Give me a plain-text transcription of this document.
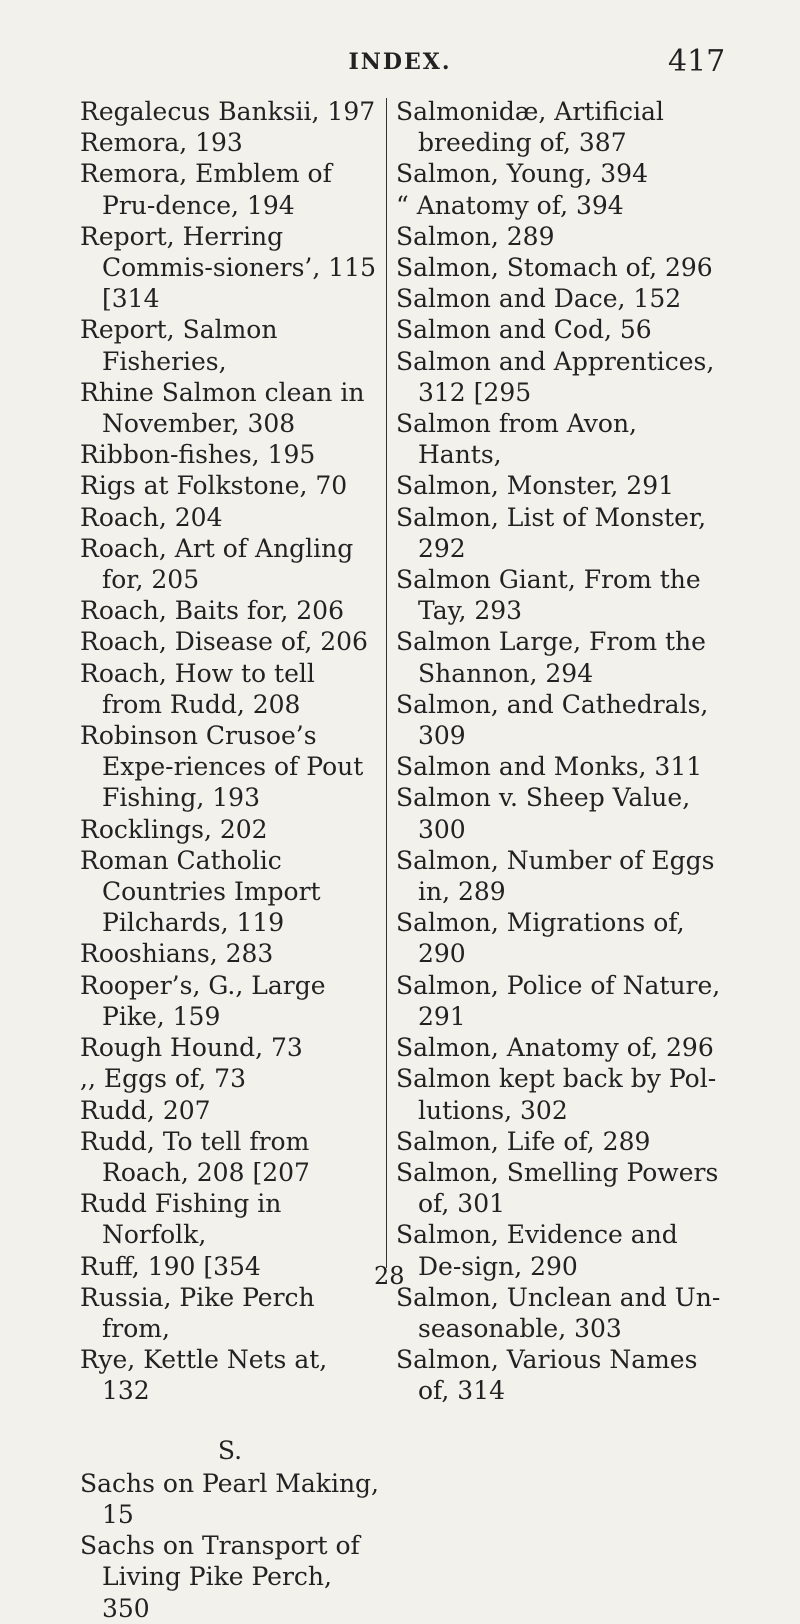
INDEX.	417
Regalecus Banksii, 197
Remora, 193
Remora, Emblem of Pru-dence, 194
Report, Herring Commis-sioners’, 115 [314
Report, Salmon Fisheries,
Rhine Salmon clean in November, 308
Ribbon-fishes, 195
Rigs at Folkstone, 70
Roach, 204
Roach, Art of Angling for, 205
Roach, Baits for, 206
Roach, Disease of, 206
Roach, How to tell from Rudd, 208
Robinson Crusoe’s Expe-riences of Pout Fishing, 193
Rocklings, 202
Roman Catholic Countries Import Pilchards, 119
Rooshians, 283
Rooper’s, G., Large Pike, 159
Rough Hound, 73
,, Eggs of, 73
Rudd, 207
Rudd, To tell from Roach, 208 [207
Rudd Fishing in Norfolk,
Ruff, 190 [354
Russia, Pike Perch from,
Rye, Kettle Nets at, 132
S.
Sachs on Pearl Making, 15
Sachs on Transport of Living Pike Perch, 350
Salmonidæ, Artificial breeding of, 387
Salmon, Young, 394
“ Anatomy of, 394
Salmon, 289
Salmon, Stomach of, 296
Salmon and Dace, 152
Salmon and Cod, 56
Salmon and Apprentices, 312 [295
Salmon from Avon, Hants,
Salmon, Monster, 291
Salmon, List of Monster, 292
Salmon Giant, From the Tay, 293
Salmon Large, From the Shannon, 294
Salmon, and Cathedrals, 309
Salmon and Monks, 311
Salmon v. Sheep Value, 300
Salmon, Number of Eggs in, 289
Salmon, Migrations of, 290
Salmon, Police of Nature, 291
Salmon, Anatomy of, 296
Salmon kept back by Pol-lutions, 302
Salmon, Life of, 289
Salmon, Smelling Powers of, 301
Salmon, Evidence and De-sign, 290
Salmon, Unclean and Un-seasonable, 303
Salmon, Various Names of, 314
28
